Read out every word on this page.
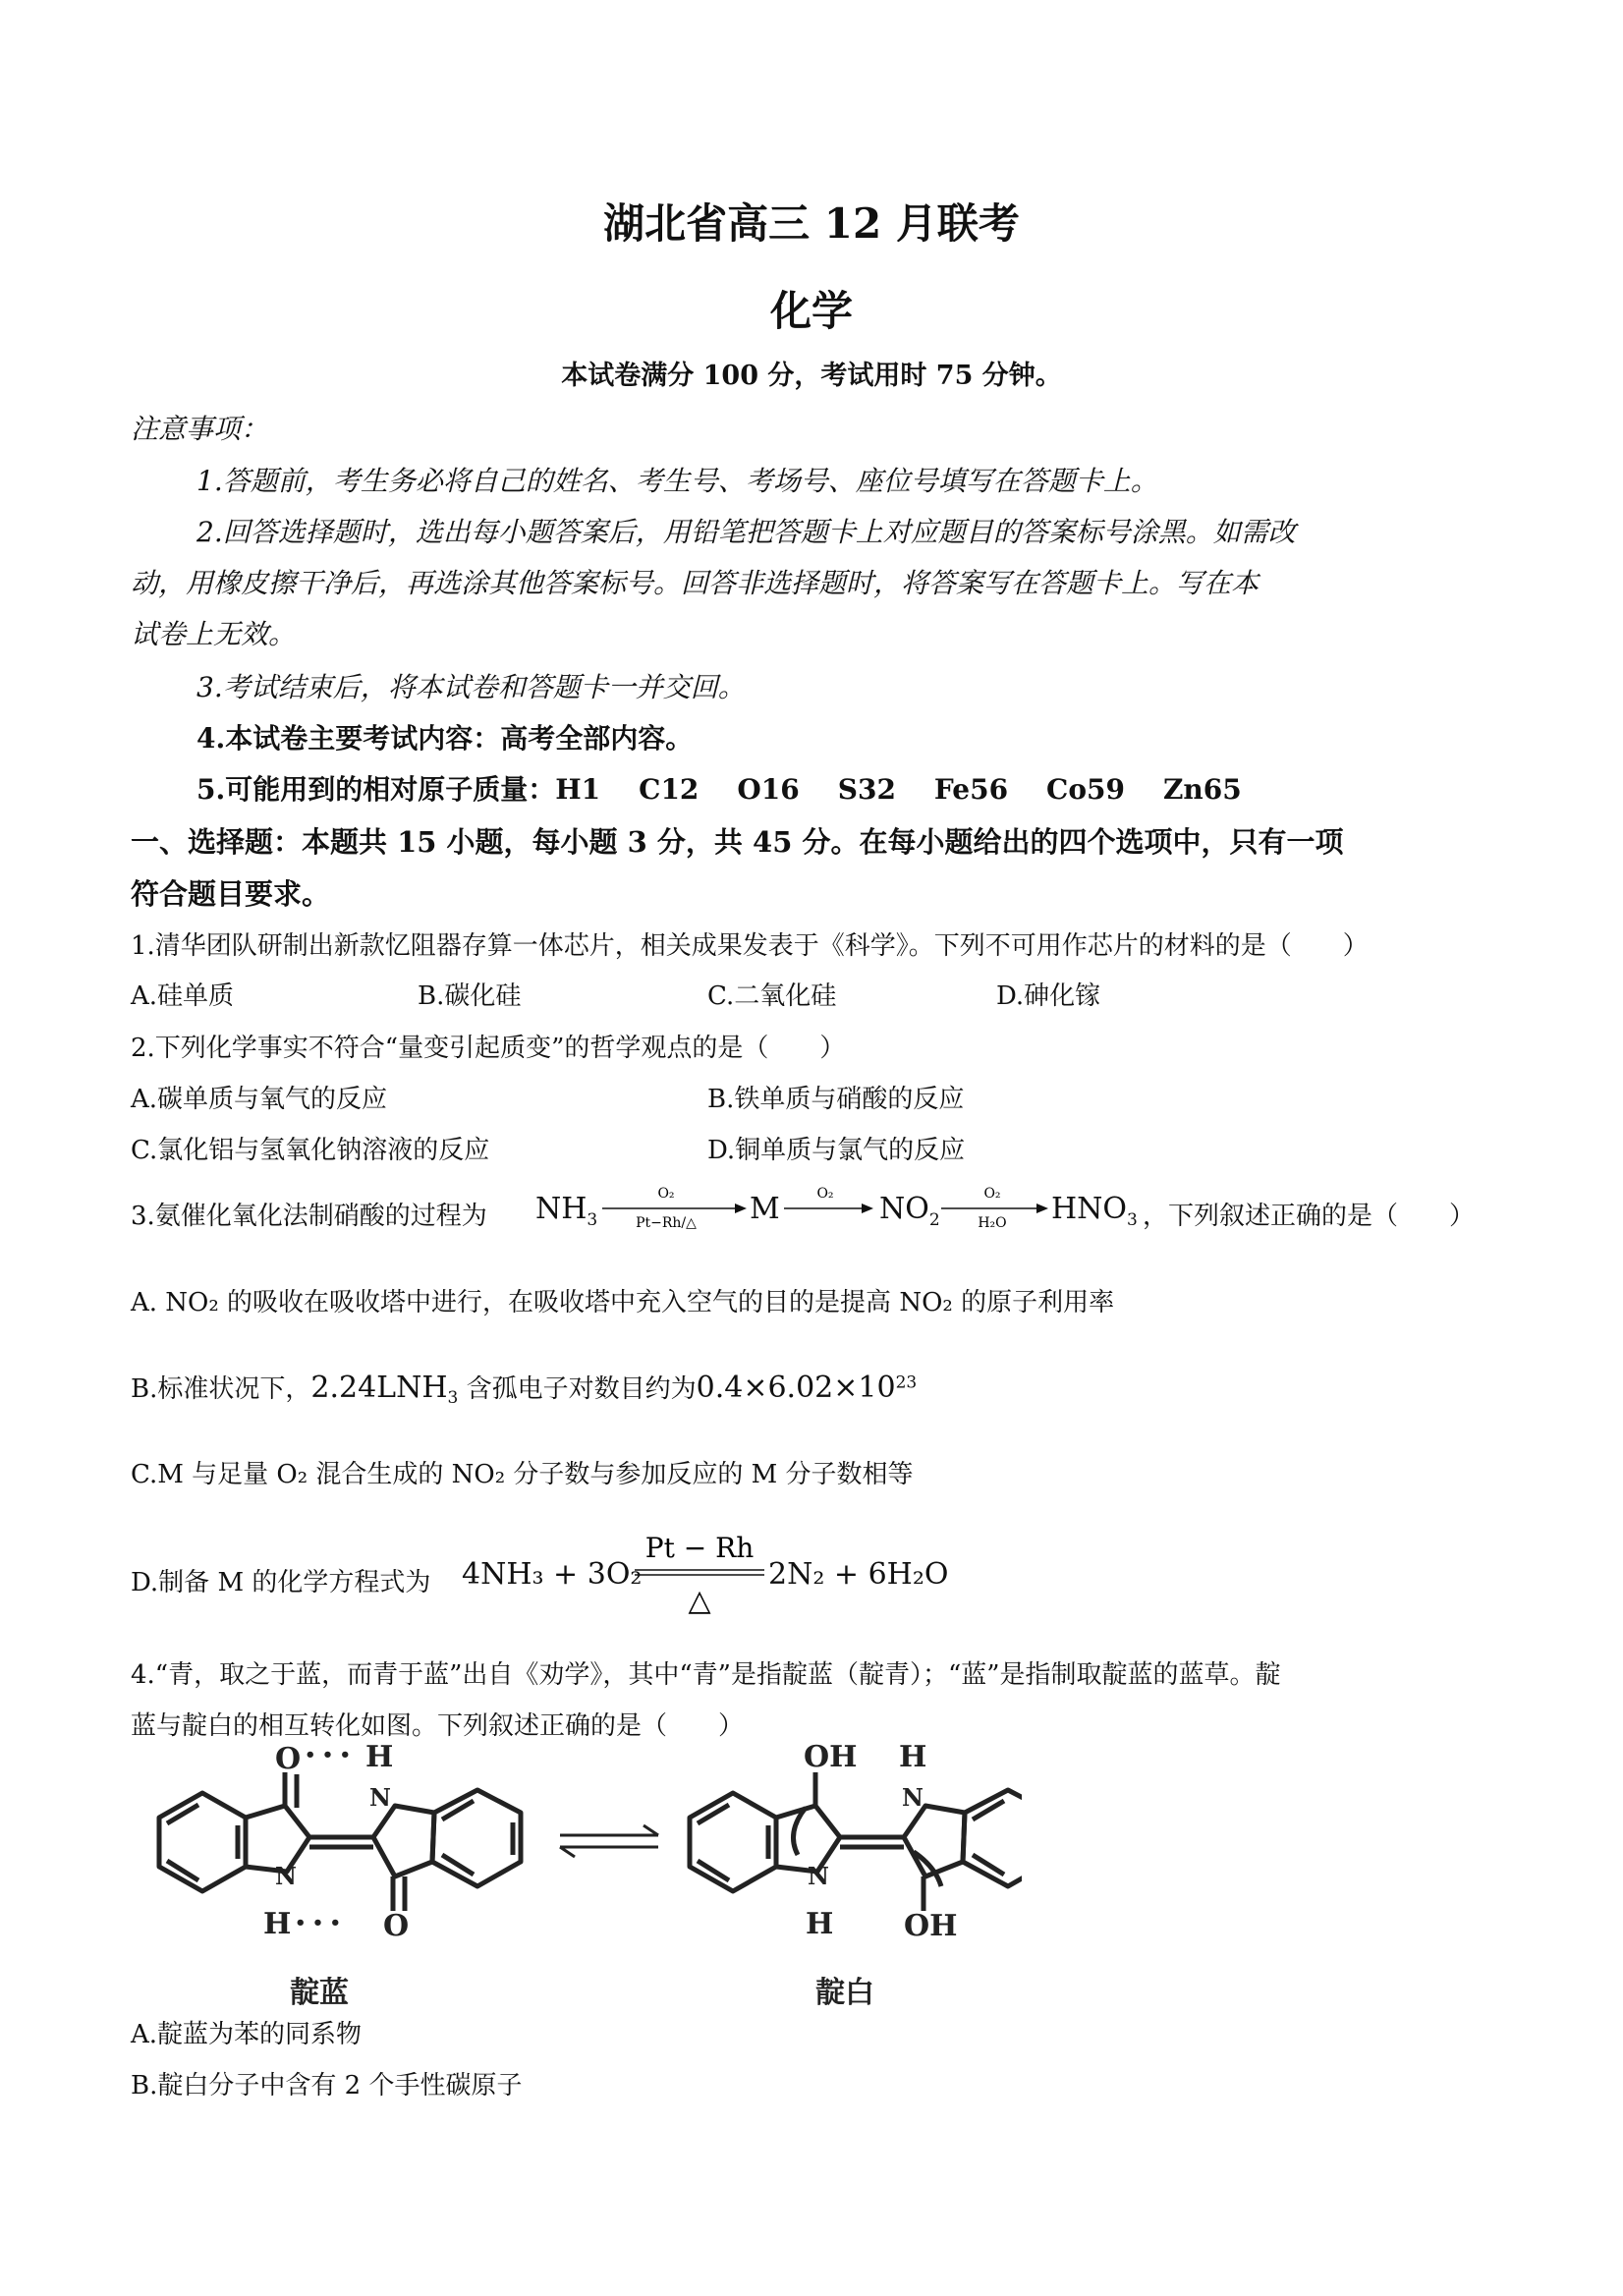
湖北省高三 12 月联考
化学
本试卷满分 100 分，考试用时 75 分钟。
注意事项：
1.答题前，考生务必将自己的姓名、考生号、考场号、座位号填写在答题卡上。
2.回答选择题时，选出每小题答案后，用铅笔把答题卡上对应题目的答案标号涂黑。如需改
动，用橡皮擦干净后，再选涂其他答案标号。回答非选择题时，将答案写在答题卡上。写在本
试卷上无效。
3.考试结束后，将本试卷和答题卡一并交回。
4.本试卷主要考试内容：高考全部内容。
5.可能用到的相对原子质量：H1    C12    O16    S32    Fe56    Co59    Zn65
一、选择题：本题共 15 小题，每小题 3 分，共 45 分。在每小题给出的四个选项中，只有一项
符合题目要求。
1.清华团队研制出新款忆阻器存算一体芯片，相关成果发表于《科学》。下列不可用作芯片的材料的是（　　）
A.硅单质	B.碳化硅	C.二氧化硅	D.砷化镓
2.下列化学事实不符合“量变引起质变”的哲学观点的是（　　）
A.碳单质与氧气的反应	B.铁单质与硝酸的反应
C.氯化铝与氢氧化钠溶液的反应	D.铜单质与氯气的反应
3.氨催化氧化法制硝酸的过程为 $NH_3$
O₂
Pt−Rh/△ M	O₂ $NO_2$
O₂
H₂O $HNO_3$ ，下列叙述正确的是（　　）
A. NO₂ 的吸收在吸收塔中进行，在吸收塔中充入空气的目的是提高 NO₂ 的原子利用率
B.标准状况下，$2.24LNH_3$ 含孤电子对数目约为$0.4\times 6.02\times 10^{23}$
C.M 与足量 O₂ 混合生成的 NO₂ 分子数与参加反应的 M 分子数相等
D.制备 M 的化学方程式为 4NH₃ + 3O₂
Pt − Rh
△
2N₂ + 6H₂O
4.“青，取之于蓝，而青于蓝”出自《劝学》，其中“青”是指靛蓝（靛青）；“蓝”是指制取靛蓝的蓝草。靛
蓝与靛白的相互转化如图。下列叙述正确的是（　　）
O • • • H
N
N
H • • • O
靛蓝
OH H
N
N
H OH
靛白
A.靛蓝为苯的同系物
B.靛白分子中含有 2 个手性碳原子
